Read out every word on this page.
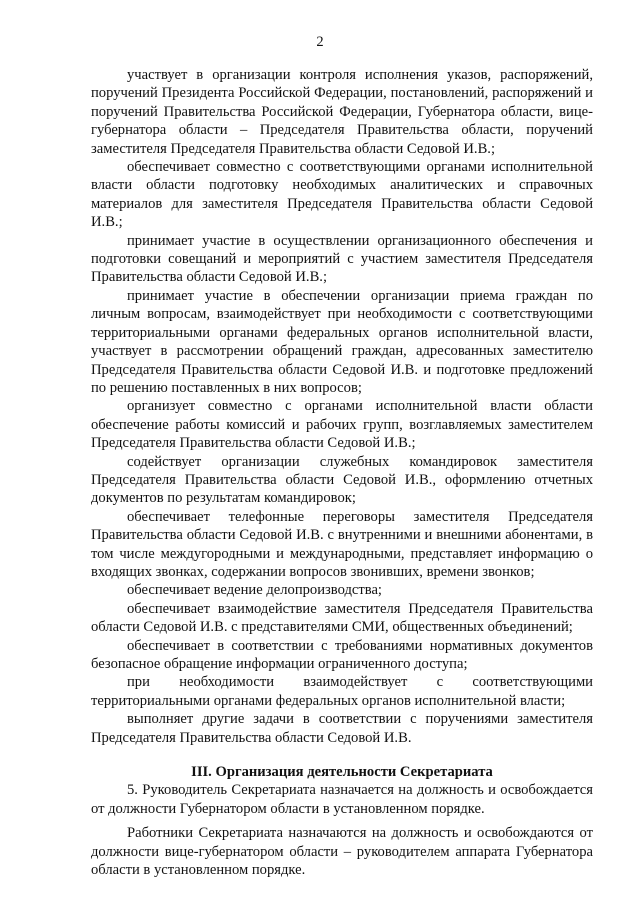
2

участвует в организации контроля исполнения указов, распоряжений, поручений Президента Российской Федерации, постановлений, распоряжений и поручений Правительства Российской Федерации, Губернатора области, вице-губернатора области – Председателя Правительства области, поручений заместителя Председателя Правительства области Седовой И.В.;

обеспечивает совместно с соответствующими органами исполнительной власти области подготовку необходимых аналитических и справочных материалов для заместителя Председателя Правительства области Седовой И.В.;

принимает участие в осуществлении организационного обеспечения и подготовки совещаний и мероприятий с участием заместителя Председателя Правительства области Седовой И.В.;

принимает участие в обеспечении организации приема граждан по личным вопросам, взаимодействует при необходимости с соответствующими территориальными органами федеральных органов исполнительной власти, участвует в рассмотрении обращений граждан, адресованных заместителю Председателя Правительства области Седовой И.В. и подготовке предложений по решению поставленных в них вопросов;

организует совместно с органами исполнительной власти области обеспечение работы комиссий и рабочих групп, возглавляемых заместителем Председателя Правительства области Седовой И.В.;

содействует организации служебных командировок заместителя Председателя Правительства области Седовой И.В., оформлению отчетных документов по результатам командировок;

обеспечивает телефонные переговоры заместителя Председателя Правительства области Седовой И.В. с внутренними и внешними абонентами, в том числе междугородными и международными, представляет информацию о входящих звонках, содержании вопросов звонивших, времени звонков;

обеспечивает ведение делопроизводства;

обеспечивает взаимодействие заместителя Председателя Правительства области Седовой И.В. с представителями СМИ, общественных объединений;

обеспечивает в соответствии с требованиями нормативных документов безопасное обращение информации ограниченного доступа;

при необходимости взаимодействует с соответствующими территориальными органами федеральных органов исполнительной власти;

выполняет другие задачи в соответствии с поручениями заместителя Председателя Правительства области Седовой И.В.

III. Организация деятельности Секретариата

5. Руководитель Секретариата назначается на должность и освобождается от должности Губернатором области в установленном порядке.

Работники Секретариата назначаются на должность и освобождаются от должности вице-губернатором области – руководителем аппарата Губернатора области в установленном порядке.
